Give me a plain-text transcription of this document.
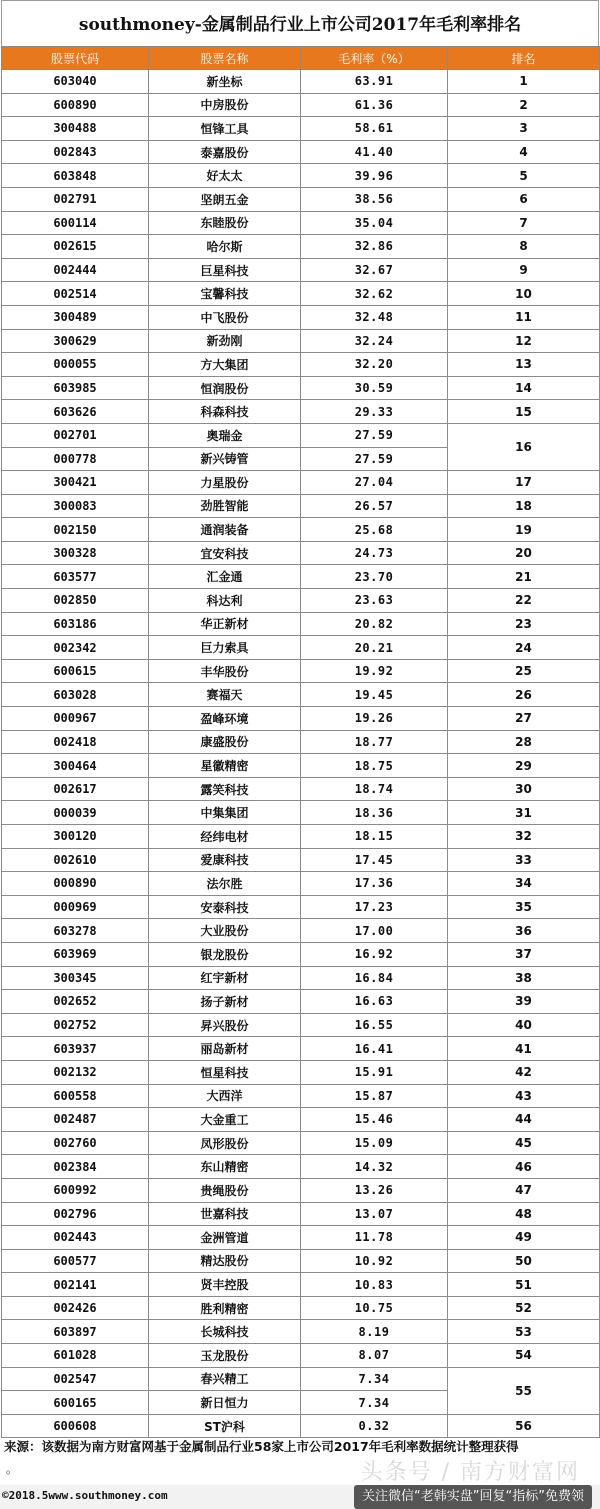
southmoney-金属制品行业上市公司2017年毛利率排名
股票代码	股票名称	毛利率（%）	排名
603040	新坐标	63.91	1
600890	中房股份	61.36	2
300488	恒锋工具	58.61	3
002843	泰嘉股份	41.40	4
603848	好太太	39.96	5
002791	坚朗五金	38.56	6
600114	东睦股份	35.04	7
002615	哈尔斯	32.86	8
002444	巨星科技	32.67	9
002514	宝馨科技	32.62	10
300489	中飞股份	32.48	11
300629	新劲刚	32.24	12
000055	方大集团	32.20	13
603985	恒润股份	30.59	14
603626	科森科技	29.33	15
002701	奥瑞金	27.59	16
000778	新兴铸管	27.59	
300421	力星股份	27.04	17
300083	劲胜智能	26.57	18
002150	通润装备	25.68	19
300328	宜安科技	24.73	20
603577	汇金通	23.70	21
002850	科达利	23.63	22
603186	华正新材	20.82	23
002342	巨力索具	20.21	24
600615	丰华股份	19.92	25
603028	赛福天	19.45	26
000967	盈峰环境	19.26	27
002418	康盛股份	18.77	28
300464	星徽精密	18.75	29
002617	露笑科技	18.74	30
000039	中集集团	18.36	31
300120	经纬电材	18.15	32
002610	爱康科技	17.45	33
000890	法尔胜	17.36	34
000969	安泰科技	17.23	35
603278	大业股份	17.00	36
603969	银龙股份	16.92	37
300345	红宇新材	16.84	38
002652	扬子新材	16.63	39
002752	昇兴股份	16.55	40
603937	丽岛新材	16.41	41
002132	恒星科技	15.91	42
600558	大西洋	15.87	43
002487	大金重工	15.46	44
002760	凤形股份	15.09	45
002384	东山精密	14.32	46
600992	贵绳股份	13.26	47
002796	世嘉科技	13.07	48
002443	金洲管道	11.78	49
600577	精达股份	10.92	50
002141	贤丰控股	10.83	51
002426	胜利精密	10.75	52
603897	长城科技	8.19	53
601028	玉龙股份	8.07	54
002547	春兴精工	7.34	55
600165	新日恒力	7.34	
600608	ST沪科	0.32	56
来源：该数据为南方财富网基于金属制品行业58家上市公司2017年毛利率数据统计整理获得
。	头条号 / 南方财富网
©2018.5www.southmoney.com	关注微信“老韩实盘”回复“指标”免费领
